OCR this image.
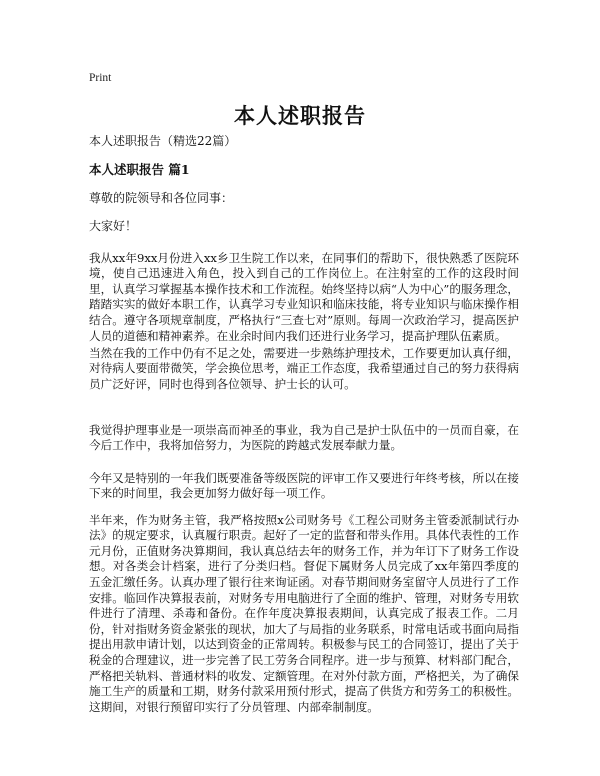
Print
本人述职报告
本人述职报告（精选22篇）
本人述职报告 篇1
尊敬的院领导和各位同事：
大家好！

我从xx年9xx月份进入xx乡卫生院工作以来，在同事们的帮助下，很快熟悉了医院环境，使自己迅速进入角色，投入到自己的工作岗位上。在注射室的工作的这段时间里，认真学习掌握基本操作技术和工作流程。始终坚持以病“人为中心”的服务理念，踏踏实实的做好本职工作，认真学习专业知识和临床技能，将专业知识与临床操作相结合。遵守各项规章制度，严格执行“三查七对”原则。每周一次政治学习，提高医护人员的道德和精神素养。在业余时间内我们还进行业务学习，提高护理队伍素质。

当然在我的工作中仍有不足之处，需要进一步熟练护理技术，工作要更加认真仔细，对待病人要面带微笑，学会换位思考，端正工作态度，我希望通过自己的努力获得病员广泛好评，同时也得到各位领导、护士长的认可。

我觉得护理事业是一项崇高而神圣的事业，我为自己是护士队伍中的一员而自豪，在今后工作中，我将加倍努力，为医院的跨越式发展奉献力量。

今年又是特别的一年我们既要准备等级医院的评审工作又要进行年终考核，所以在接下来的时间里，我会更加努力做好每一项工作。

半年来，作为财务主管，我严格按照x公司财务号《工程公司财务主管委派制试行办法》的规定要求，认真履行职责。起好了一定的监督和带头作用。具体代表性的工作元月份，正值财务决算期间，我认真总结去年的财务工作，并为年订下了财务工作设想。对各类会计档案，进行了分类归档。督促下属财务人员完成了xx年第四季度的五金汇缴任务。认真办理了银行往来询证函。对春节期间财务室留守人员进行了工作安排。临回作决算报表前，对财务专用电脑进行了全面的维护、管理，对财务专用软件进行了清理、杀毒和备份。在作年度决算报表期间，认真完成了报表工作。二月份，针对指财务资金紧张的现状，加大了与局指的业务联系，时常电话或书面向局指提出用款申请计划，以达到资金的正常周转。积极参与民工的合同签订，提出了关于税金的合理建议，进一步完善了民工劳务合同程序。进一步与预算、材料部门配合，严格把关轨料、普通材料的收发、定额管理。在对外付款方面，严格把关，为了确保施工生产的质量和工期，财务付款采用预付形式，提高了供货方和劳务工的积极性。这期间，对银行预留印实行了分员管理、内部牵制制度。
